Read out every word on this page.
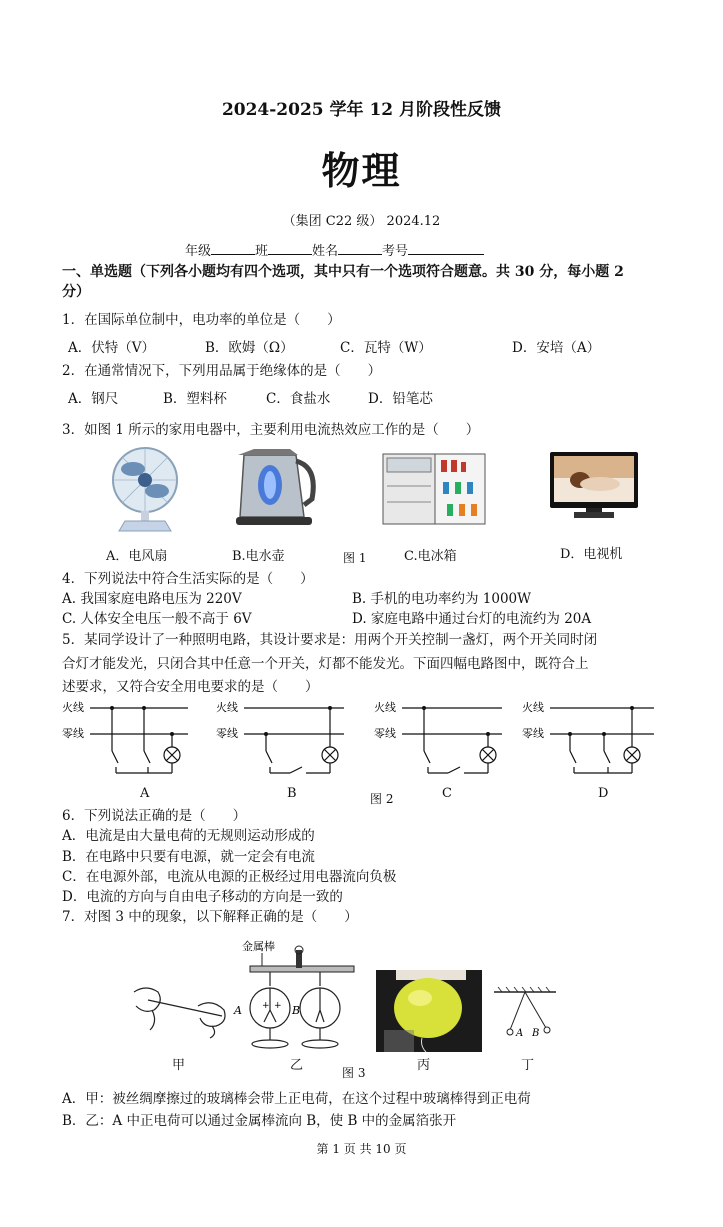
2024-2025 学年 12 月阶段性反馈
物理
（集团 C22 级） 2024.12
年级	班	姓名	考号
一、单选题（下列各小题均有四个选项，其中只有一个选项符合题意。共 30 分，每小题 2
分）
1．在国际单位制中，电功率的单位是（　　）
A．伏特（V）	B．欧姆（Ω）	C．瓦特（W）	D．安培（A）
2．在通常情况下，下列用品属于绝缘体的是（　　）
A．钢尺	B．塑料杯	C．食盐水	D．铅笔芯
3．如图 1 所示的家用电器中，主要利用电流热效应工作的是（　　）
A．电风扇	B.电水壶	图 1	C.电冰箱	D．电视机
4．下列说法中符合生活实际的是（　　）
A. 我国家庭电路电压为 220V	B. 手机的电功率约为 1000W
C. 人体安全电压一般不高于 6V	D. 家庭电路中通过台灯的电流约为 20A
5．某同学设计了一种照明电路，其设计要求是：用两个开关控制一盏灯，两个开关同时闭
合灯才能发光，只闭合其中任意一个开关，灯都不能发光。下面四幅电路图中，既符合上
述要求，又符合安全用电要求的是（　　）
火线
零线
火线
零线
火线
零线
火线
零线
A	B	图 2	C	D
6．下列说法正确的是（　　）
A．电流是由大量电荷的无规则运动形成的
B．在电路中只要有电源，就一定会有电流
C．在电源外部，电流从电源的正极经过用电器流向负极
D．电流的方向与自由电子移动的方向是一致的
7．对图 3 中的现象，以下解释正确的是（　　）
金属棒
+ +
A	B
A B
甲	乙	图 3	丙	丁
A．甲：被丝绸摩擦过的玻璃棒会带上正电荷，在这个过程中玻璃棒得到正电荷
B．乙：A 中正电荷可以通过金属棒流向 B，使 B 中的金属箔张开
第 1 页 共 10 页
